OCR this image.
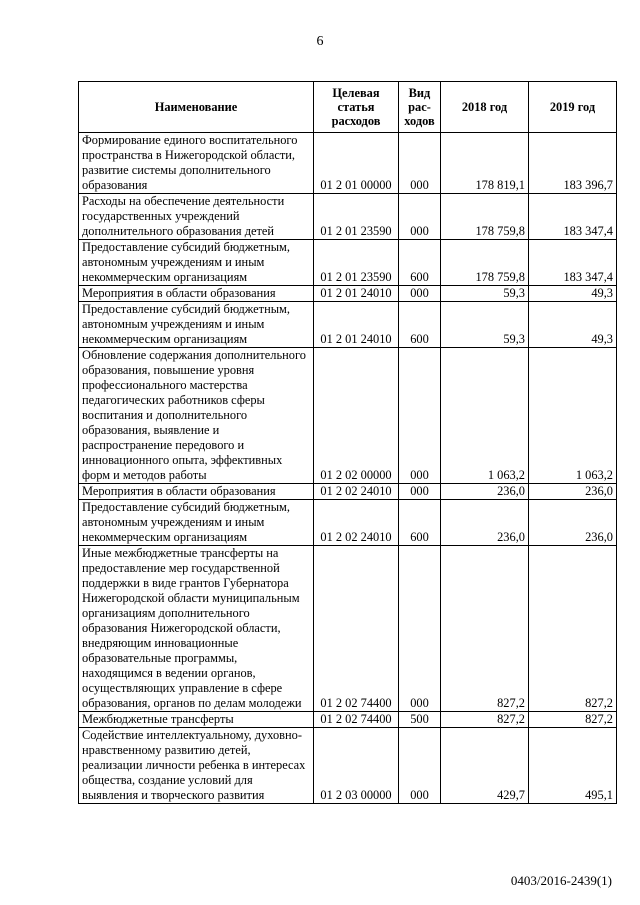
6
Наименование	Целевая статья расходов	Вид рас-ходов	2018 год	2019 год
Формирование единого воспитательного пространства в Нижегородской области, развитие системы дополнительного образования	01 2 01 00000	000	178 819,1	183 396,7
Расходы на обеспечение деятельности государственных учреждений дополнительного образования детей	01 2 01 23590	000	178 759,8	183 347,4
Предоставление субсидий бюджетным, автономным учреждениям и иным некоммерческим организациям	01 2 01 23590	600	178 759,8	183 347,4
Мероприятия в области образования	01 2 01 24010	000	59,3	49,3
Предоставление субсидий бюджетным, автономным учреждениям и иным некоммерческим организациям	01 2 01 24010	600	59,3	49,3
Обновление содержания дополнительного образования, повышение уровня профессионального мастерства педагогических работников сферы воспитания и дополнительного образования, выявление и распространение передового и инновационного опыта, эффективных форм и методов работы	01 2 02 00000	000	1 063,2	1 063,2
Мероприятия в области образования	01 2 02 24010	000	236,0	236,0
Предоставление субсидий бюджетным, автономным учреждениям и иным некоммерческим организациям	01 2 02 24010	600	236,0	236,0
Иные межбюджетные трансферты на предоставление мер государственной поддержки в виде грантов Губернатора Нижегородской области муниципальным организациям дополнительного образования Нижегородской области, внедряющим инновационные образовательные программы, находящимся в ведении органов, осуществляющих управление в сфере образования, органов по делам молодежи	01 2 02 74400	000	827,2	827,2
Межбюджетные трансферты	01 2 02 74400	500	827,2	827,2
Содействие интеллектуальному, духовно-нравственному развитию детей, реализации личности ребенка в интересах общества, создание условий для выявления и творческого развития	01 2 03 00000	000	429,7	495,1
0403/2016-2439(1)
